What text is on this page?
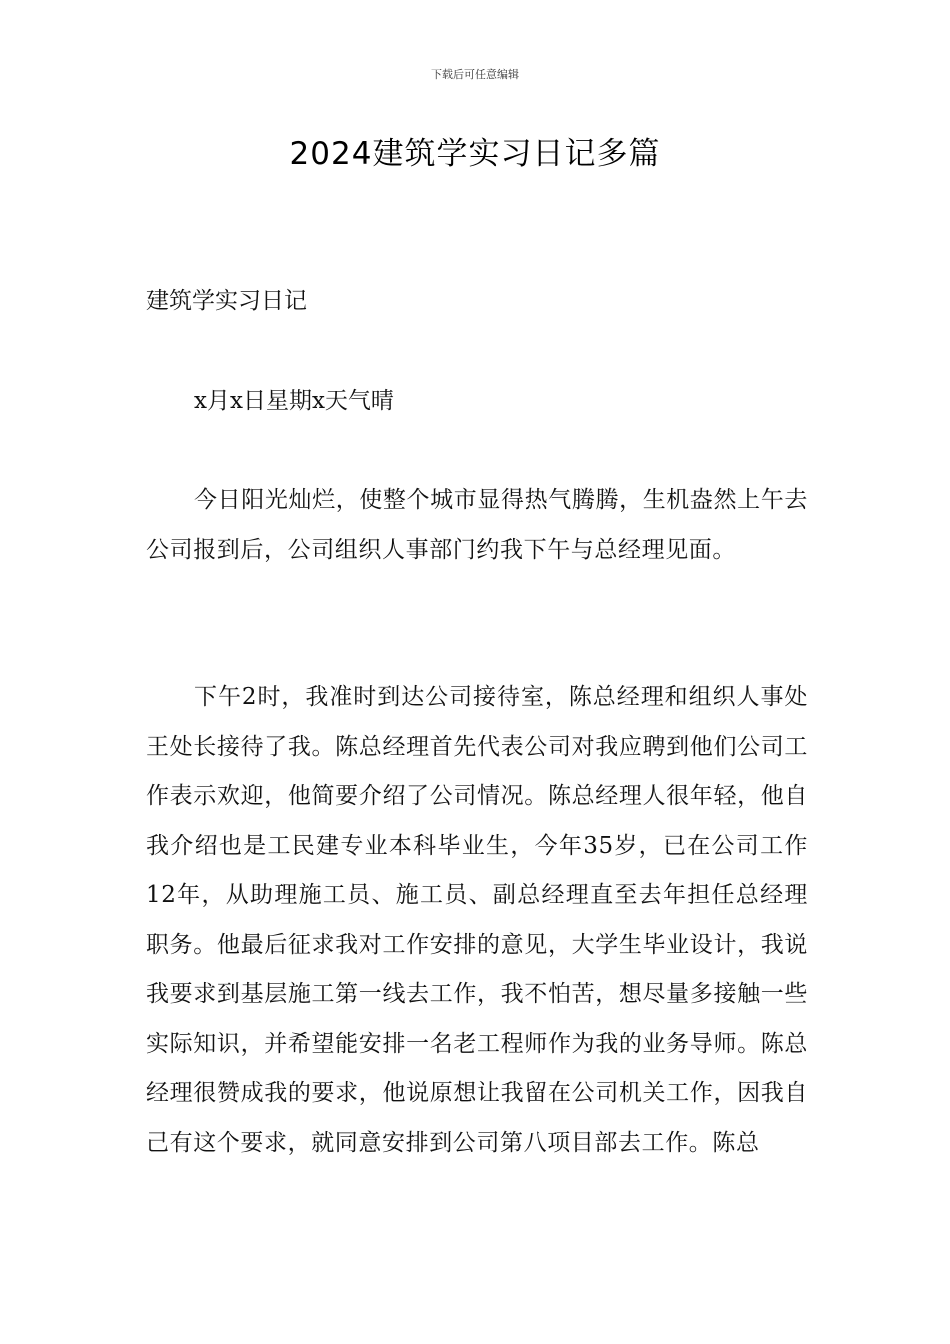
下载后可任意编辑
2024建筑学实习日记多篇
建筑学实习日记
x月x日星期x天气晴

今日阳光灿烂，使整个城市显得热气腾腾，生机盎然上午去公司报到后，公司组织人事部门约我下午与总经理见面。

下午2时，我准时到达公司接待室，陈总经理和组织人事处王处长接待了我。陈总经理首先代表公司对我应聘到他们公司工作表示欢迎，他简要介绍了公司情况。陈总经理人很年轻，他自我介绍也是工民建专业本科毕业生，今年35岁，已在公司工作12年，从助理施工员、施工员、副总经理直至去年担任总经理职务。他最后征求我对工作安排的意见，大学生毕业设计，我说我要求到基层施工第一线去工作，我不怕苦，想尽量多接触一些实际知识，并希望能安排一名老工程师作为我的业务导师。陈总经理很赞成我的要求，他说原想让我留在公司机关工作，因我自己有这个要求，就同意安排到公司第八项目部去工作。陈总
